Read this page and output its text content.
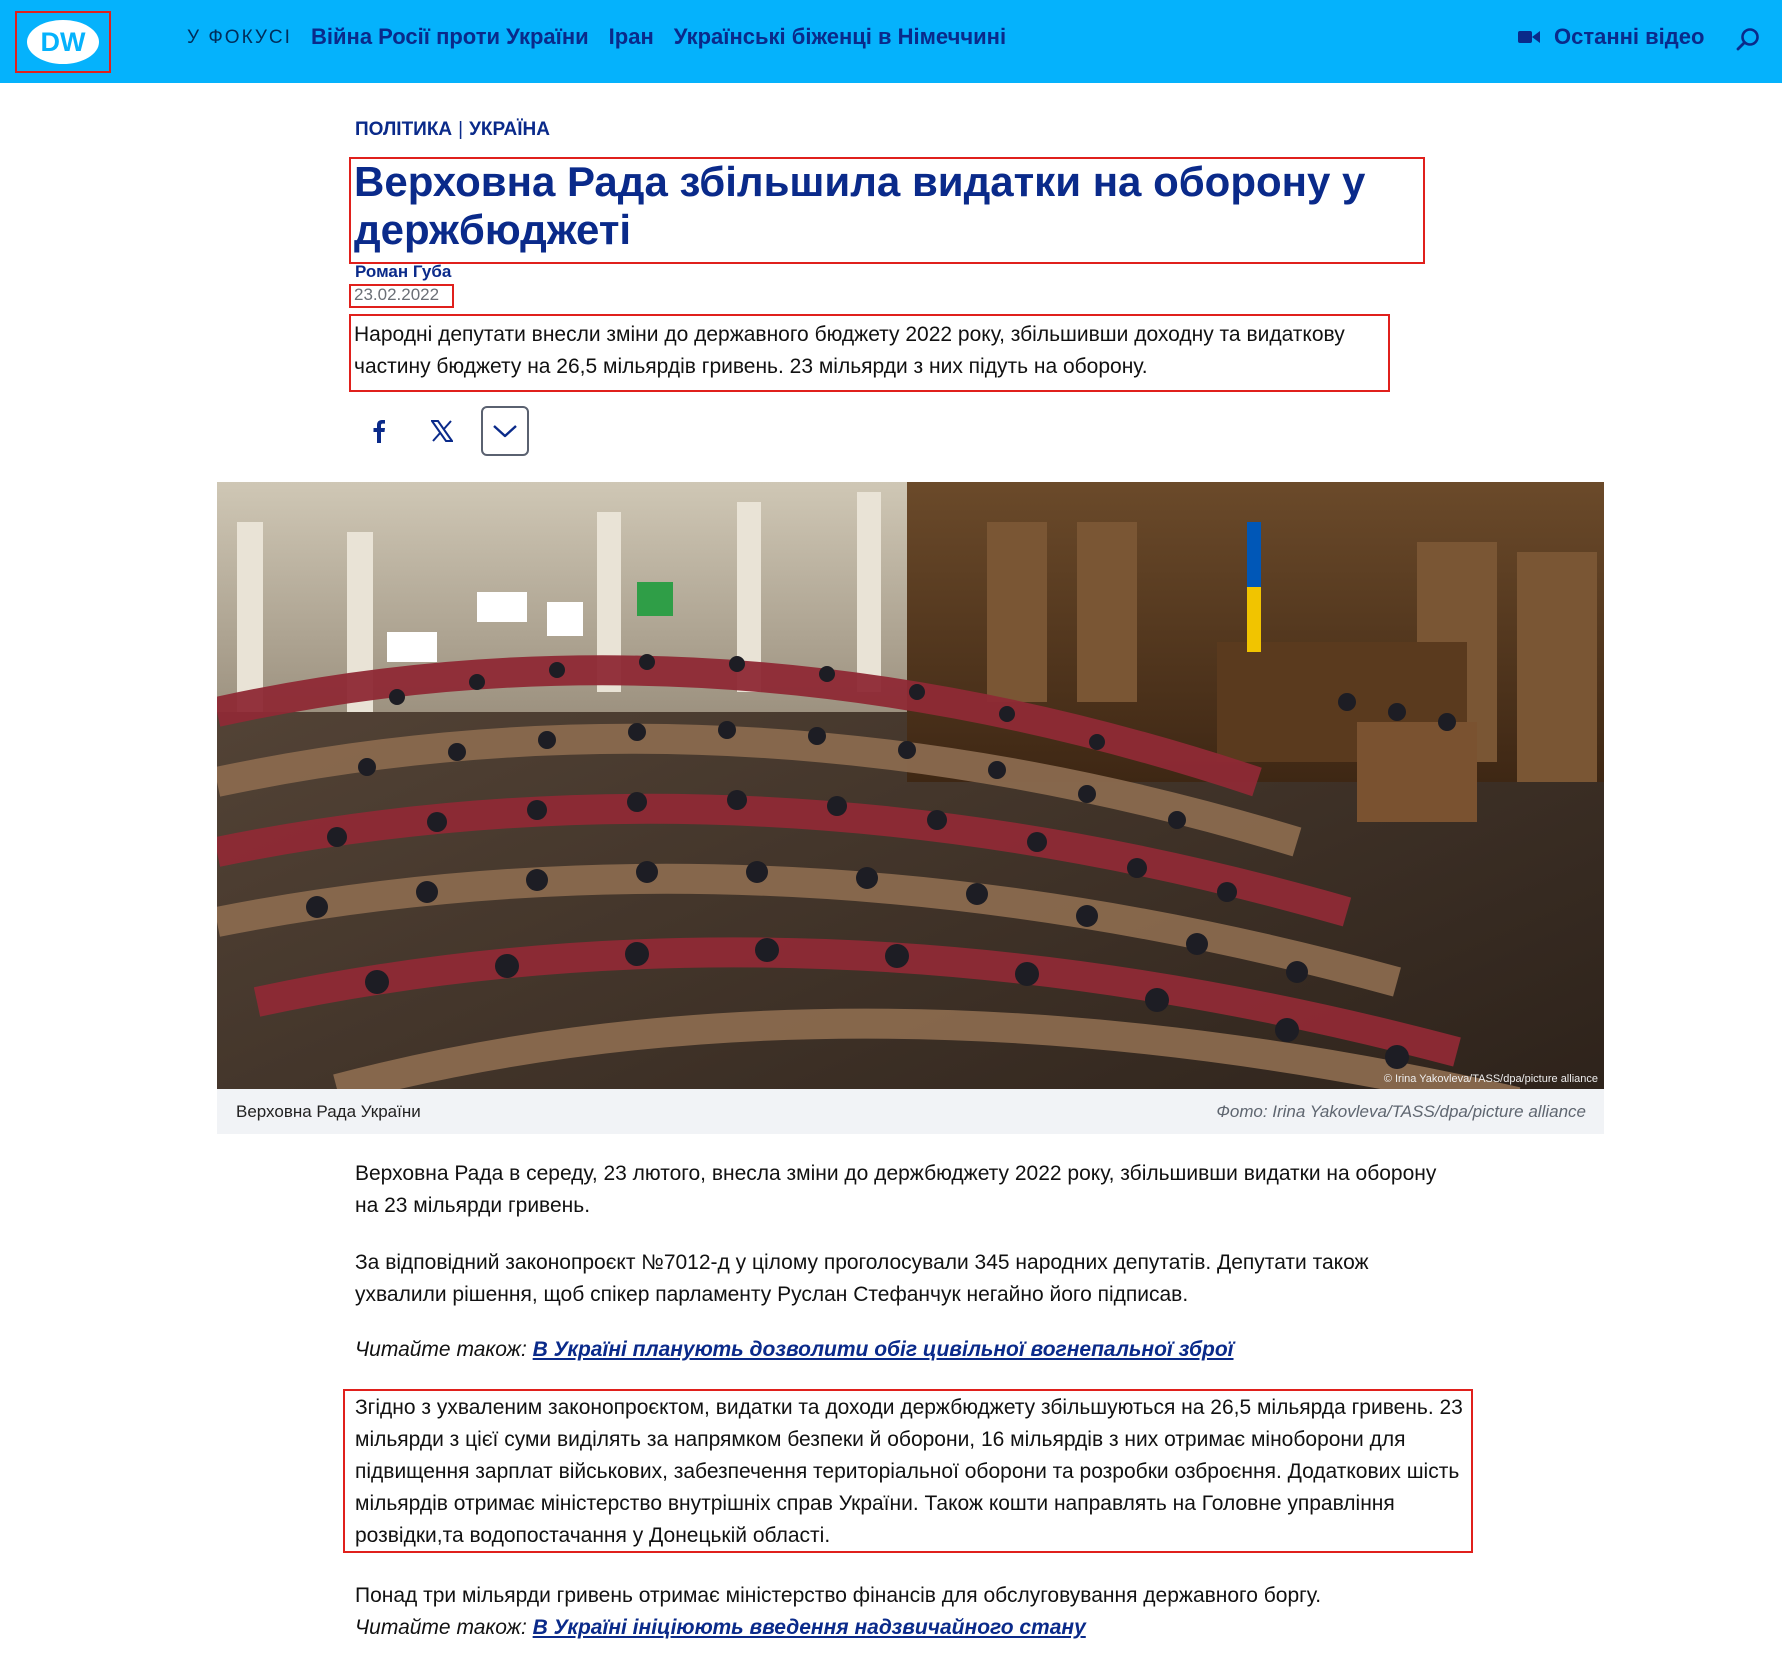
DW	У ФОКУСІ Війна Росії проти України Іран Українські біженці в Німеччині	Останні відео
ПОЛІТИКА | УКРАЇНА
Верховна Рада збільшила видатки на оборону у держбюджеті
Роман Губа
23.02.2022

Народні депутати внесли зміни до державного бюджету 2022 року, збільшивши доходну та видаткову частину бюджету на 26,5 мільярдів гривень. 23 мільярди з них підуть на оборону.

© Irina Yakovleva/TASS/dpa/picture alliance
Верховна Рада України	Фото: Irina Yakovleva/TASS/dpa/picture alliance

Верховна Рада в середу, 23 лютого, внесла зміни до держбюджету 2022 року, збільшивши видатки на оборону на 23 мільярди гривень.

За відповідний законопроєкт №7012-д у цілому проголосували 345 народних депутатів. Депутати також ухвалили рішення, щоб спікер парламенту Руслан Стефанчук негайно його підписав.

Читайте також: В Україні планують дозволити обіг цивільної вогнепальної зброї

Згідно з ухваленим законопроєктом, видатки та доходи держбюджету збільшуються на 26,5 мільярда гривень. 23 мільярди з цієї суми виділять за напрямком безпеки й оборони, 16 мільярдів з них отримає міноборони для підвищення зарплат військових, забезпечення територіальної оборони та розробки озброєння. Додаткових шість мільярдів отримає міністерство внутрішніх справ України. Також кошти направлять на Головне управління розвідки,та водопостачання у Донецькій області.

Понад три мільярди гривень отримає міністерство фінансів для обслуговування державного боргу.

Читайте також: В Україні ініціюють введення надзвичайного стану
